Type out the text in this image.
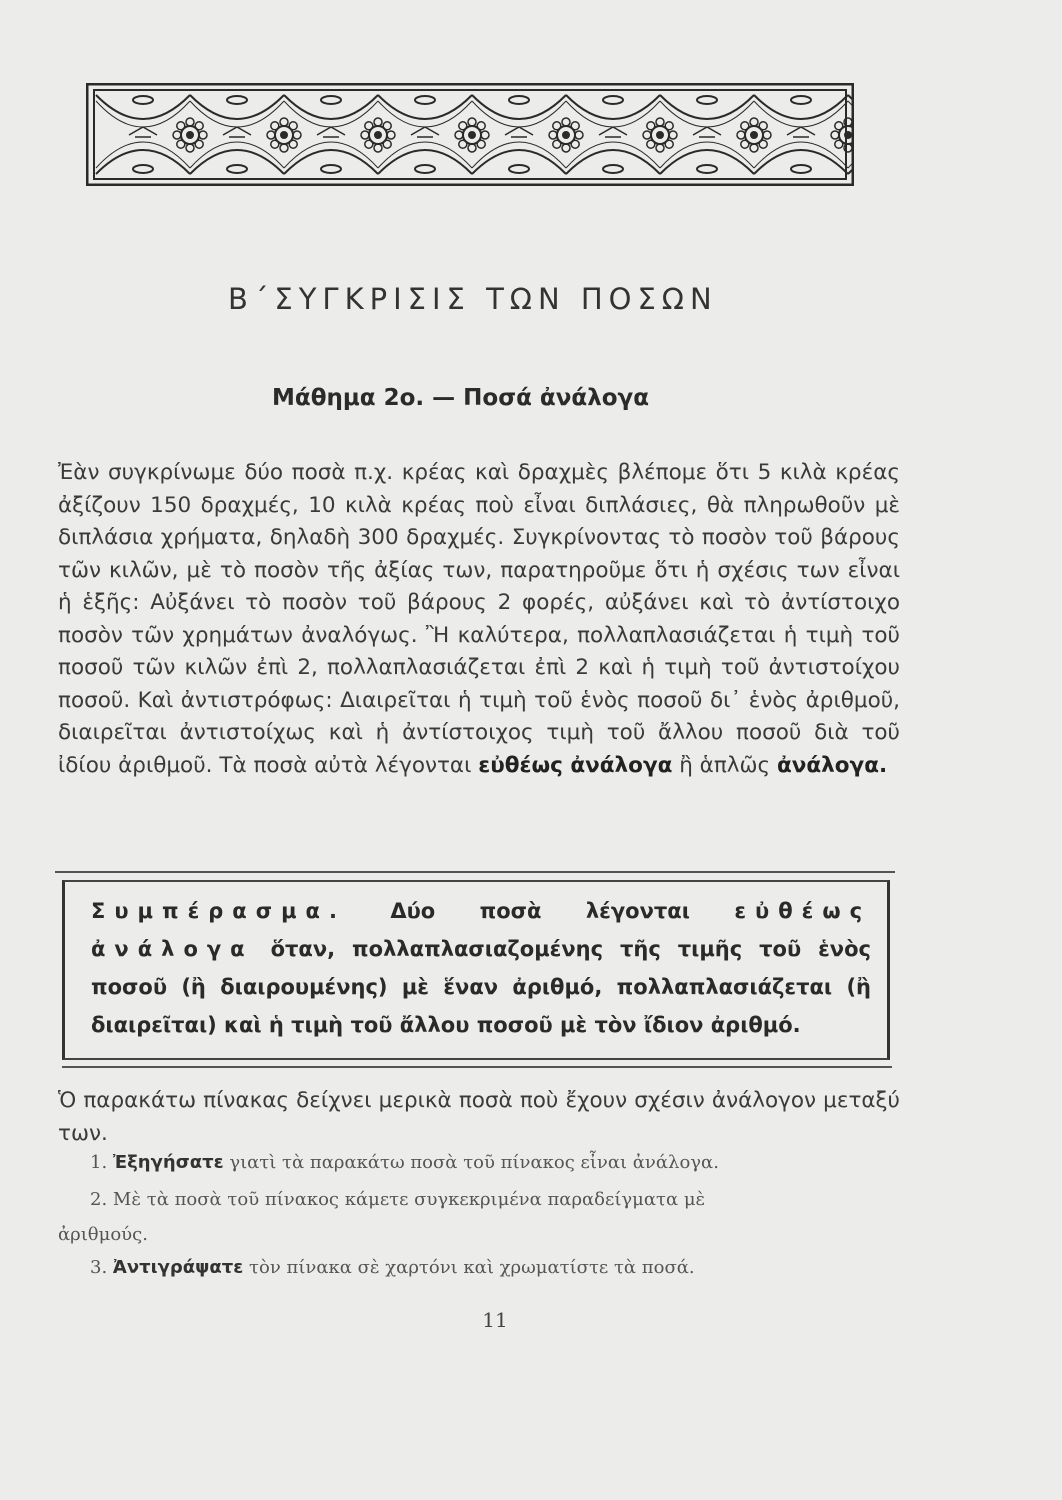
Β΄ΣΥΓΚΡΙΣΙΣ ΤΩΝ ΠΟΣΩΝ
Μάθημα 2ο. — Ποσά ἀνάλογα
Ἐὰν συγκρίνωμε δύο ποσὰ π.χ. κρέας καὶ δραχμὲς βλέπομε ὅτι 5 κιλὰ κρέας ἀξίζουν 150 δραχμές, 10 κιλὰ κρέας ποὺ εἶναι διπλάσιες, θὰ πληρωθοῦν μὲ διπλάσια χρήματα, δηλαδὴ 300 δραχμές. Συγκρίνοντας τὸ ποσὸν τοῦ βάρους τῶν κιλῶν, μὲ τὸ ποσὸν τῆς ἀξίας των, παρατηροῦμε ὅτι ἡ σχέσις των εἶναι ἡ ἑξῆς: Αὐξάνει τὸ ποσὸν τοῦ βάρους 2 φορές, αὐξάνει καὶ τὸ ἀντίστοιχο ποσὸν τῶν χρημάτων ἀναλόγως. Ἢ καλύτερα, πολλαπλασιάζεται ἡ τιμὴ τοῦ ποσοῦ τῶν κιλῶν ἐπὶ 2, πολλαπλασιάζεται ἐπὶ 2 καὶ ἡ τιμὴ τοῦ ἀντιστοίχου ποσοῦ. Καὶ ἀντιστρόφως: Διαιρεῖται ἡ τιμὴ τοῦ ἑνὸς ποσοῦ δι᾽ ἑνὸς ἀριθμοῦ, διαιρεῖται ἀντιστοίχως καὶ ἡ ἀντίστοιχος τιμὴ τοῦ ἄλλου ποσοῦ διὰ τοῦ ἰδίου ἀριθμοῦ. Τὰ ποσὰ αὐτὰ λέγονται εὐθέως ἀνάλογα ἢ ἁπλῶς ἀνάλογα.
Συμπέρασμα. Δύο ποσὰ λέγονται εὐθέως ἀνάλογα ὅταν, πολλαπλασιαζομένης τῆς τιμῆς τοῦ ἑνὸς ποσοῦ (ἢ διαιρουμένης) μὲ ἕναν ἀριθμό, πολλαπλασιάζεται (ἢ διαιρεῖται) καὶ ἡ τιμὴ τοῦ ἄλλου ποσοῦ μὲ τὸν ἴδιον ἀριθμό.
Ὁ παρακάτω πίνακας δείχνει μερικὰ ποσὰ ποὺ ἔχουν σχέσιν ἀνάλογον μεταξύ των.
1. Ἐξηγήσατε γιατὶ τὰ παρακάτω ποσὰ τοῦ πίνακος εἶναι ἀνάλογα.
2. Μὲ τὰ ποσὰ τοῦ πίνακος κάμετε συγκεκριμένα παραδείγματα μὲ
ἀριθμούς.
3. Ἀντιγράψατε τὸν πίνακα σὲ χαρτόνι καὶ χρωματίστε τὰ ποσά.
11
